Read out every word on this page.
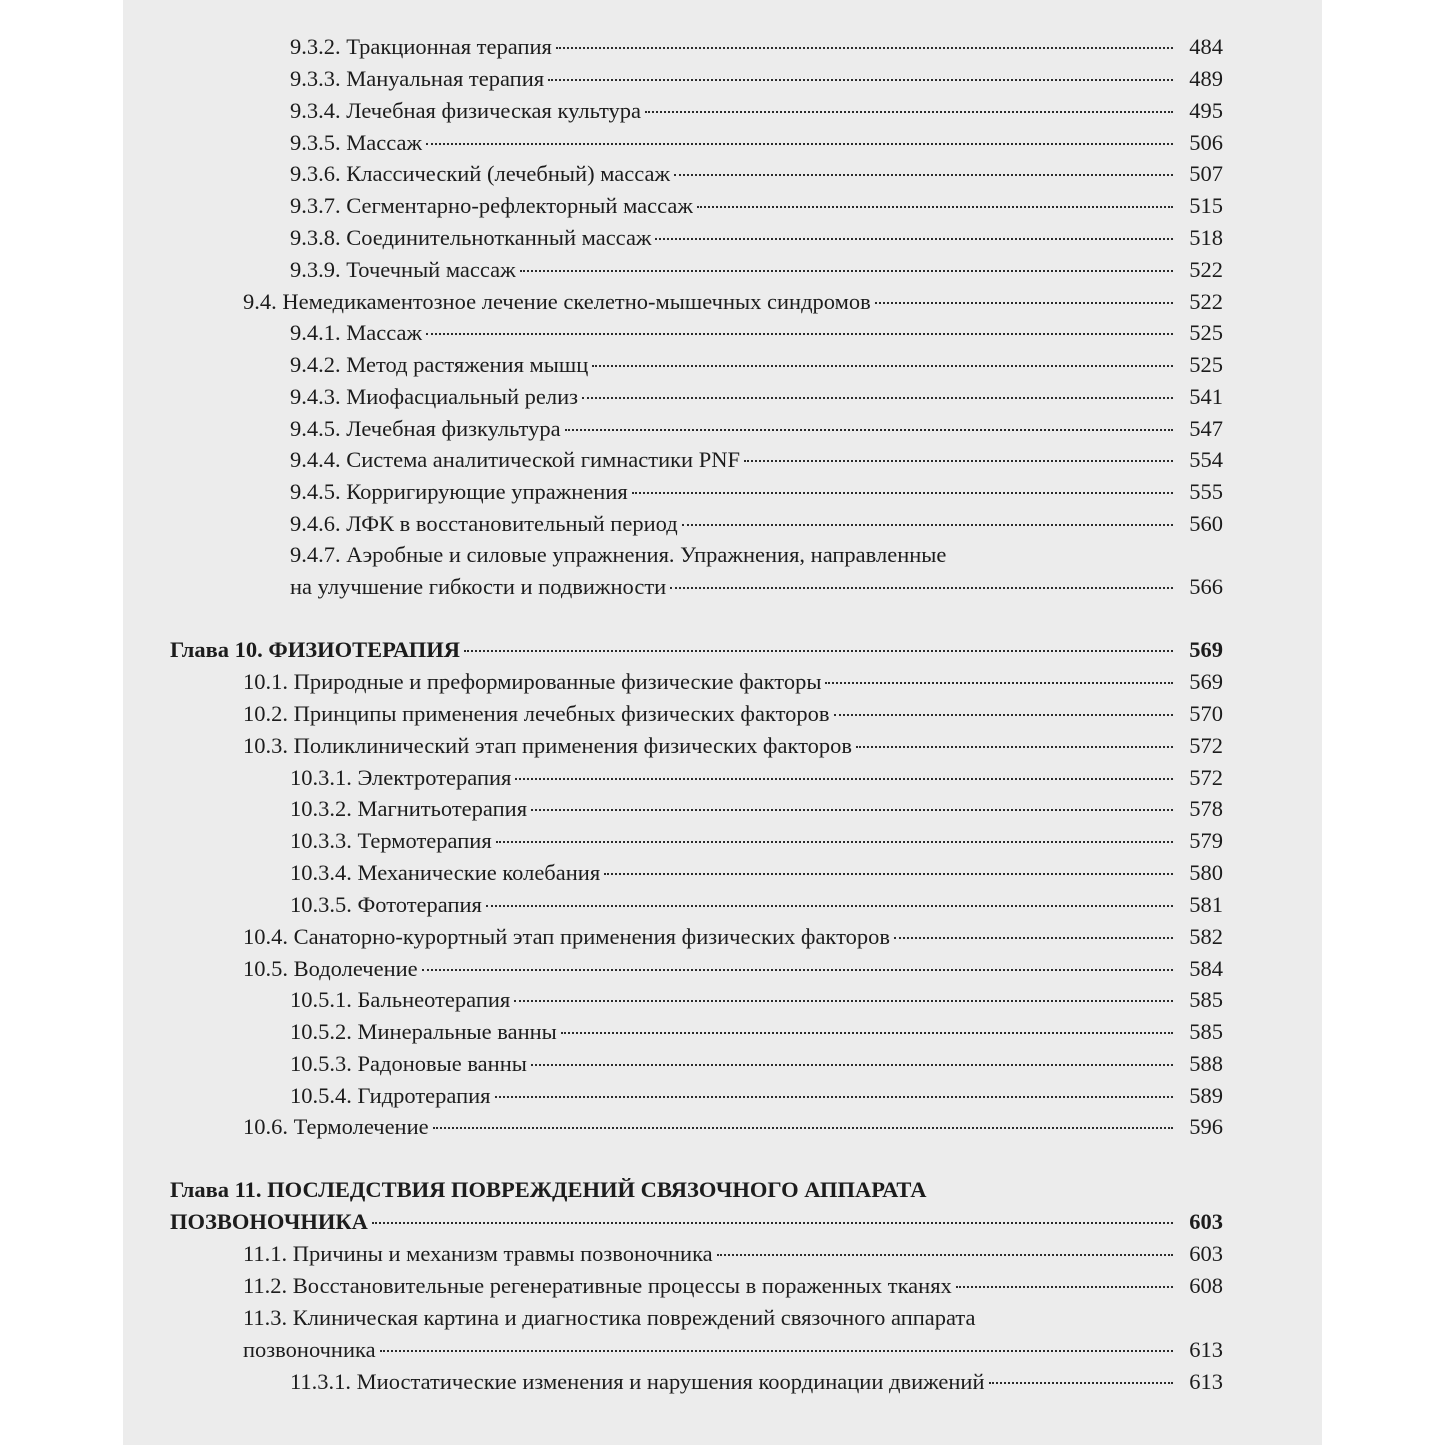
9.3.2. Тракционная терапия	484
9.3.3. Мануальная терапия	489
9.3.4. Лечебная физическая культура	495
9.3.5. Массаж	506
9.3.6. Классический (лечебный) массаж	507
9.3.7. Сегментарно-рефлекторный массаж	515
9.3.8. Соединительнотканный массаж	518
9.3.9. Точечный массаж	522
9.4. Немедикаментозное лечение скелетно-мышечных синдромов	522
9.4.1. Массаж	525
9.4.2. Метод растяжения мышц	525
9.4.3. Миофасциальный релиз	541
9.4.5. Лечебная физкультура	547
9.4.4. Система аналитической гимнастики PNF	554
9.4.5. Корригирующие упражнения	555
9.4.6. ЛФК в восстановительный период	560
9.4.7. Аэробные и силовые упражнения. Упражнения, направленные
на улучшение гибкости и подвижности	566
Глава 10. ФИЗИОТЕРАПИЯ	569
10.1. Природные и преформированные физические факторы	569
10.2. Принципы применения лечебных физических факторов	570
10.3. Поликлинический этап применения физических факторов	572
10.3.1. Электротерапия	572
10.3.2. Магнитьотерапия	578
10.3.3. Термотерапия	579
10.3.4. Механические колебания	580
10.3.5. Фототерапия	581
10.4. Санаторно-курортный этап применения физических факторов	582
10.5. Водолечение	584
10.5.1. Бальнеотерапия	585
10.5.2. Минеральные ванны	585
10.5.3. Радоновые ванны	588
10.5.4. Гидротерапия	589
10.6. Термолечение	596
Глава 11. ПОСЛЕДСТВИЯ ПОВРЕЖДЕНИЙ СВЯЗОЧНОГО АППАРАТА
ПОЗВОНОЧНИКА	603
11.1. Причины и механизм травмы позвоночника	603
11.2. Восстановительные регенеративные процессы в пораженных тканях	608
11.3. Клиническая картина и диагностика повреждений связочного аппарата
позвоночника	613
11.3.1. Миостатические изменения и нарушения координации движений	613
